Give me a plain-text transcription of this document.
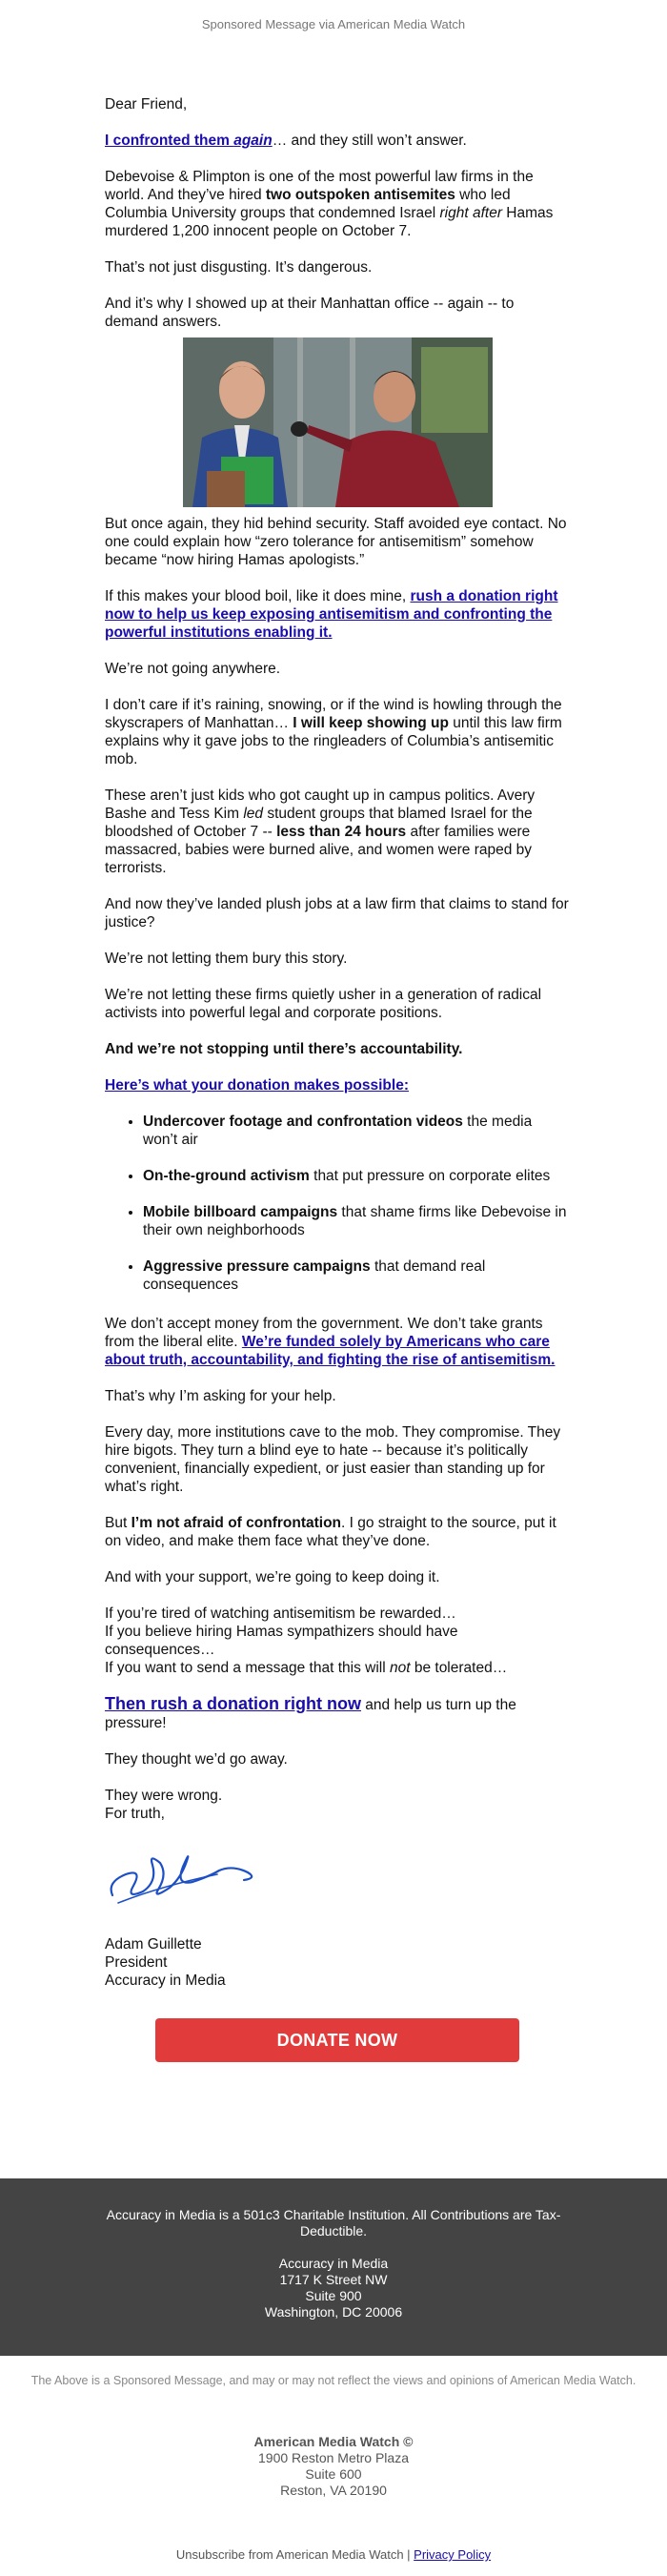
Sponsored Message via American Media Watch

Dear Friend,

I confronted them again… and they still won’t answer.

Debevoise & Plimpton is one of the most powerful law firms in the world. And they’ve hired two outspoken antisemites who led Columbia University groups that condemned Israel right after Hamas murdered 1,200 innocent people on October 7.

That’s not just disgusting. It’s dangerous.

And it’s why I showed up at their Manhattan office -- again -- to demand answers.

But once again, they hid behind security. Staff avoided eye contact. No one could explain how “zero tolerance for antisemitism” somehow became “now hiring Hamas apologists.”

If this makes your blood boil, like it does mine, rush a donation right now to help us keep exposing antisemitism and confronting the powerful institutions enabling it.

We’re not going anywhere.

I don’t care if it’s raining, snowing, or if the wind is howling through the skyscrapers of Manhattan… I will keep showing up until this law firm explains why it gave jobs to the ringleaders of Columbia’s antisemitic mob.

These aren’t just kids who got caught up in campus politics. Avery Bashe and Tess Kim led student groups that blamed Israel for the bloodshed of October 7 -- less than 24 hours after families were massacred, babies were burned alive, and women were raped by terrorists.

And now they’ve landed plush jobs at a law firm that claims to stand for justice?

We’re not letting them bury this story.

We’re not letting these firms quietly usher in a generation of radical activists into powerful legal and corporate positions.

And we’re not stopping until there’s accountability.

Here’s what your donation makes possible:

• Undercover footage and confrontation videos the media won’t air
• On-the-ground activism that put pressure on corporate elites
• Mobile billboard campaigns that shame firms like Debevoise in their own neighborhoods
• Aggressive pressure campaigns that demand real consequences

We don’t accept money from the government. We don’t take grants from the liberal elite. We’re funded solely by Americans who care about truth, accountability, and fighting the rise of antisemitism.

That’s why I’m asking for your help.

Every day, more institutions cave to the mob. They compromise. They hire bigots. They turn a blind eye to hate -- because it’s politically convenient, financially expedient, or just easier than standing up for what’s right.

But I’m not afraid of confrontation. I go straight to the source, put it on video, and make them face what they’ve done.

And with your support, we’re going to keep doing it.

If you’re tired of watching antisemitism be rewarded…
If you believe hiring Hamas sympathizers should have consequences…
If you want to send a message that this will not be tolerated…

Then rush a donation right now and help us turn up the pressure!

They thought we’d go away.

They were wrong.
For truth,

Adam Guillette
President
Accuracy in Media

DONATE NOW
Accuracy in Media is a 501c3 Charitable Institution. All Contributions are Tax-Deductible.
Accuracy in Media
1717 K Street NW
Suite 900
Washington, DC 20006
The Above is a Sponsored Message, and may or may not reflect the views and opinions of American Media Watch.
American Media Watch ©
1900 Reston Metro Plaza
Suite 600
Reston, VA 20190
Unsubscribe from American Media Watch | Privacy Policy
